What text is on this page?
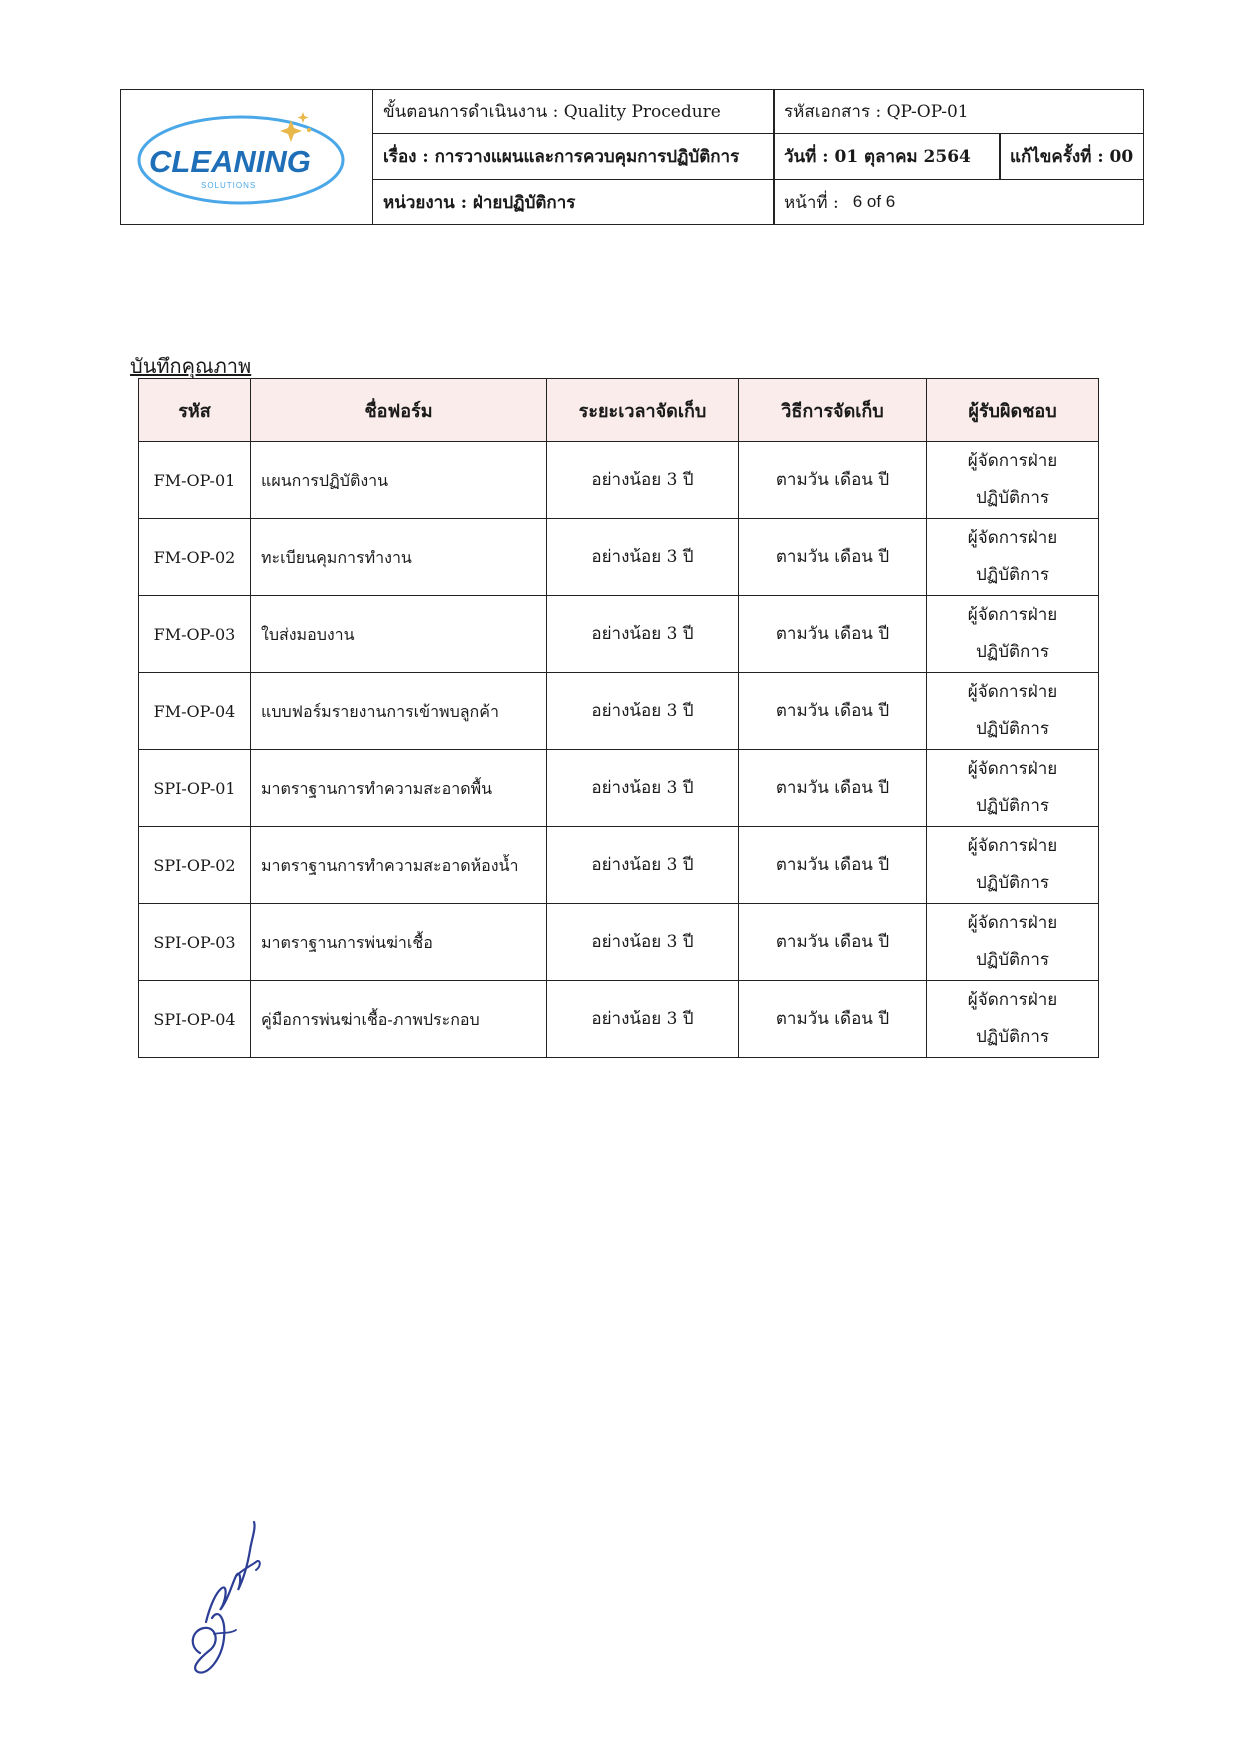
CLEANING
SOLUTIONS
ขั้นตอนการดำเนินงาน : Quality Procedure
เรื่อง : การวางแผนและการควบคุมการปฏิบัติการ
หน่วยงาน : ฝ่ายปฏิบัติการ
รหัสเอกสาร : QP-OP-01
วันที่ : 01 ตุลาคม 2564 แก้ไขครั้งที่ : 00
หน้าที่ : 6 of 6
บันทึกคุณภาพ
รหัส	ชื่อฟอร์ม	ระยะเวลาจัดเก็บ	วิธีการจัดเก็บ	ผู้รับผิดชอบ
FM-OP-01	แผนการปฏิบัติงาน	อย่างน้อย 3 ปี	ตามวัน เดือน ปี	ผู้จัดการฝ่าย
ปฏิบัติการ

FM-OP-02	ทะเบียนคุมการทำงาน	อย่างน้อย 3 ปี	ตามวัน เดือน ปี	ผู้จัดการฝ่าย
ปฏิบัติการ

FM-OP-03	ใบส่งมอบงาน	อย่างน้อย 3 ปี	ตามวัน เดือน ปี	ผู้จัดการฝ่าย
ปฏิบัติการ

FM-OP-04	แบบฟอร์มรายงานการเข้าพบลูกค้า	อย่างน้อย 3 ปี	ตามวัน เดือน ปี	ผู้จัดการฝ่าย
ปฏิบัติการ

SPI-OP-01	มาตราฐานการทำความสะอาดพื้น	อย่างน้อย 3 ปี	ตามวัน เดือน ปี	ผู้จัดการฝ่าย
ปฏิบัติการ

SPI-OP-02	มาตราฐานการทำความสะอาดห้องน้ำ	อย่างน้อย 3 ปี	ตามวัน เดือน ปี	ผู้จัดการฝ่าย
ปฏิบัติการ

SPI-OP-03	มาตราฐานการพ่นฆ่าเชื้อ	อย่างน้อย 3 ปี	ตามวัน เดือน ปี	ผู้จัดการฝ่าย
ปฏิบัติการ

SPI-OP-04	คู่มือการพ่นฆ่าเชื้อ-ภาพประกอบ	อย่างน้อย 3 ปี	ตามวัน เดือน ปี	ผู้จัดการฝ่าย
ปฏิบัติการ
